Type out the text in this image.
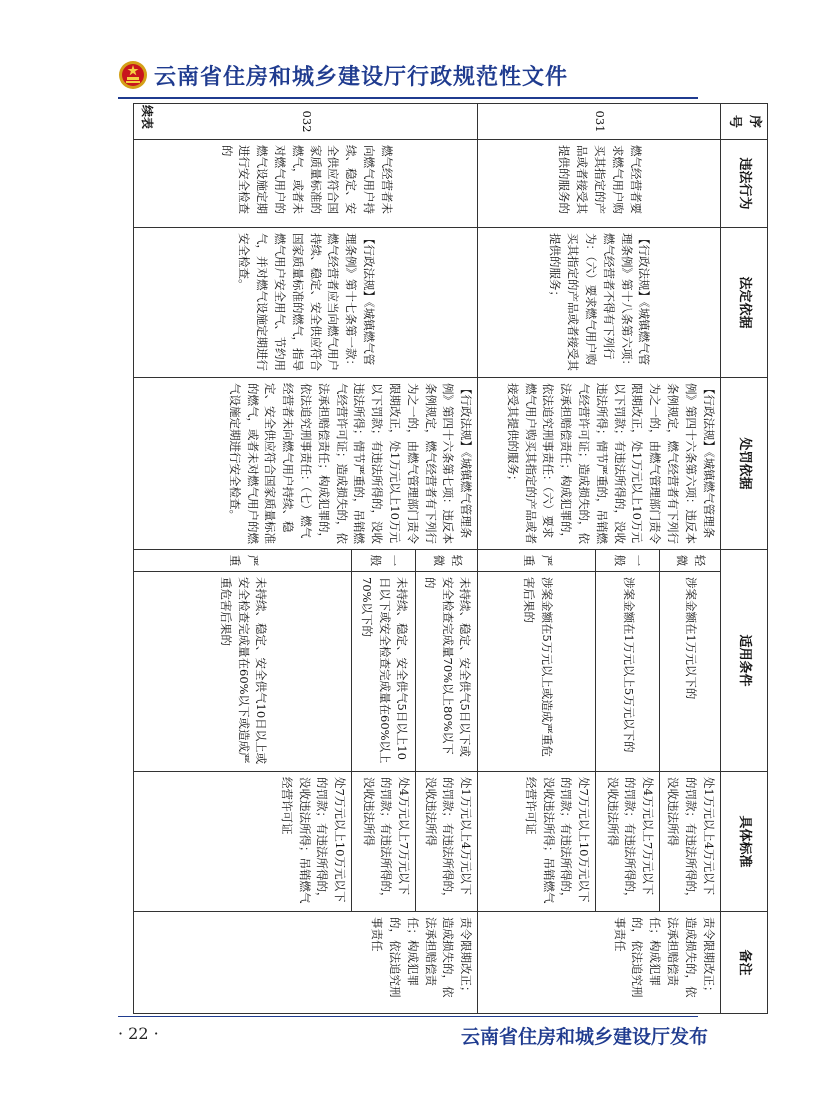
云南省住房和城乡建设厅行政规范性文件
续表	序号	违法行为	法定依据	处罚依据	适用条件		具体标准	备注
031	燃气经营者要求燃气用户购买其指定的产品或者接受其提供的服务的	【行政法规】《城镇燃气管理条例》第十八条第六项：燃气经营者不得有下列行为：（六）要求燃气用户购买其指定的产品或者接受其提供的服务；	【行政法规】《城镇燃气管理条例》第四十六条第六项：违反本条例规定，燃气经营者有下列行为之一的，由燃气管理部门责令限期改正，处1万元以上10万元以下罚款；有违法所得的，没收违法所得；情节严重的，吊销燃气经营许可证；造成损失的，依法承担赔偿责任；构成犯罪的，依法追究刑事责任：（六）要求燃气用户购买其指定的产品或者接受其提供的服务；	轻微	涉案金额在1万元以下的	处1万元以上4万元以下的罚款；有违法所得的，没收违法所得	责令限期改正；造成损失的，依法承担赔偿责任；构成犯罪的，依法追究刑事责任
				一般	涉案金额在1万元以上5万元以下的	处4万元以上7万元以下的罚款；有违法所得的，没收违法所得	
				严重	涉案金额在5万元以上或造成严重危害后果的	处7万元以上10万元以下的罚款；有违法所得的，没收违法所得；吊销燃气经营许可证	
032	燃气经营者未向燃气用户持续、稳定、安全供应符合国家质量标准的燃气，或者未对燃气用户的燃气设施定期进行安全检查的	【行政法规】《城镇燃气管理条例》第十七条第一款：燃气经营者应当向燃气用户持续、稳定、安全供应符合国家质量标准的燃气，指导燃气用户安全用气、节约用气，并对燃气设施定期进行安全检查。	【行政法规】《城镇燃气管理条例》第四十六条第七项：违反本条例规定，燃气经营者有下列行为之一的，由燃气管理部门责令限期改正，处1万元以上10万元以下罚款；有违法所得的，没收违法所得；情节严重的，吊销燃气经营许可证；造成损失的，依法承担赔偿责任；构成犯罪的，依法追究刑事责任：（七）燃气经营者未向燃气用户持续、稳定、安全供应符合国家质量标准的燃气，或者未对燃气用户的燃气设施定期进行安全检查。	轻微	未持续、稳定、安全供气5日以下或安全检查完成量70%以上80%以下的	处1万元以上4万元以下的罚款；有违法所得的，没收违法所得	责令限期改正；造成损失的，依法承担赔偿责任；构成犯罪的，依法追究刑事责任
				一般	未持续、稳定、安全供气5日以上10日以下或安全检查完成量在60%以上70%以下的	处4万元以上7万元以下的罚款；有违法所得的，没收违法所得	
				严重	未持续、稳定、安全供气10日以上或安全检查完成量在60%以下或造成严重危害后果的	处7万元以上10万元以下的罚款；有违法所得的，没收违法所得；吊销燃气经营许可证	
· 22 ·	云南省住房和城乡建设厅发布
